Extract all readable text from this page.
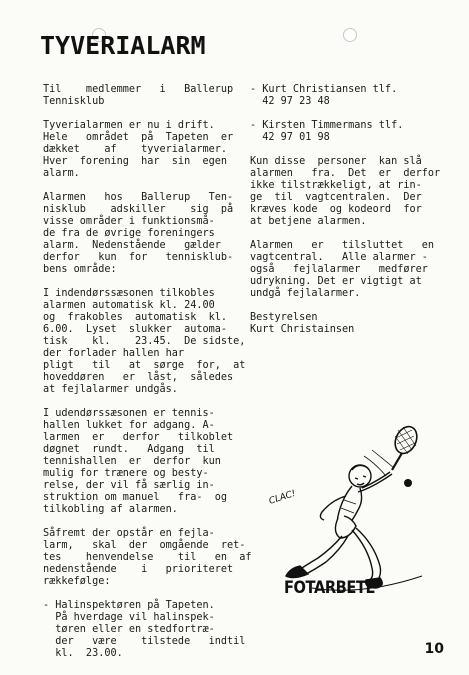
TYVERIALARM
Til    medlemmer   i   Ballerup
Tennisklub
Tyverialarmen er nu i drift.
Hele   området  på  Tapeten  er
dækket    af    tyverialarmer.
Hver  forening  har  sin  egen
alarm.
Alarmen   hos   Ballerup   Ten-
nisklub    adskiller    sig  på
visse områder i funktionsmå-
de fra de øvrige foreningers
alarm.  Nedenstående   gælder
derfor   kun  for   tennisklub-
bens område:
I indendørssæsonen tilkobles
alarmen automatisk kl. 24.00
og  frakobles  automatisk  kl.
6.00.  Lyset  slukker  automa-
tisk    kl.    23.45.  De sidste,
der forlader hallen har
pligt   til   at  sørge  for,  at
hoveddøren   er  låst,  således
at fejlalarmer undgås.
I udendørssæsonen er tennis-
hallen lukket for adgang. A-
larmen  er   derfor   tilkoblet
døgnet  rundt.   Adgang  til
tennishallen  er  derfor  kun
mulig for trænere og besty-
relse, der vil få særlig in-
struktion om manuel   fra-  og
tilkobling af alarmen.
Såfremt der opstår en fejla-
larm,   skal  der  omgående  ret-
tes    henvendelse    til   en  af
nedenstående    i   prioriteret
rækkefølge:
- Halinspektøren på Tapeten.
På hverdage vil halinspek-
tøren eller en stedfortræ-
der   være    tilstede   indtil
kl.  23.00.
- Kurt Christiansen tlf.
42 97 23 48
- Kirsten Timmermans tlf.
42 97 01 98
Kun disse  personer  kan slå
alarmen   fra.  Det  er  derfor
ikke tilstrækkeligt, at rin-
ge  til  vagtcentralen.  Der
kræves kode  og kodeord  for
at betjene alarmen.
Alarmen   er   tilsluttet   en
vagtcentral.   Alle alarmer -
også   fejlalarmer   medfører
udrykning. Det er vigtigt at
undgå fejlalarmer.
Bestyrelsen
Kurt Christainsen
CLAC!
FOTARBETE
10
